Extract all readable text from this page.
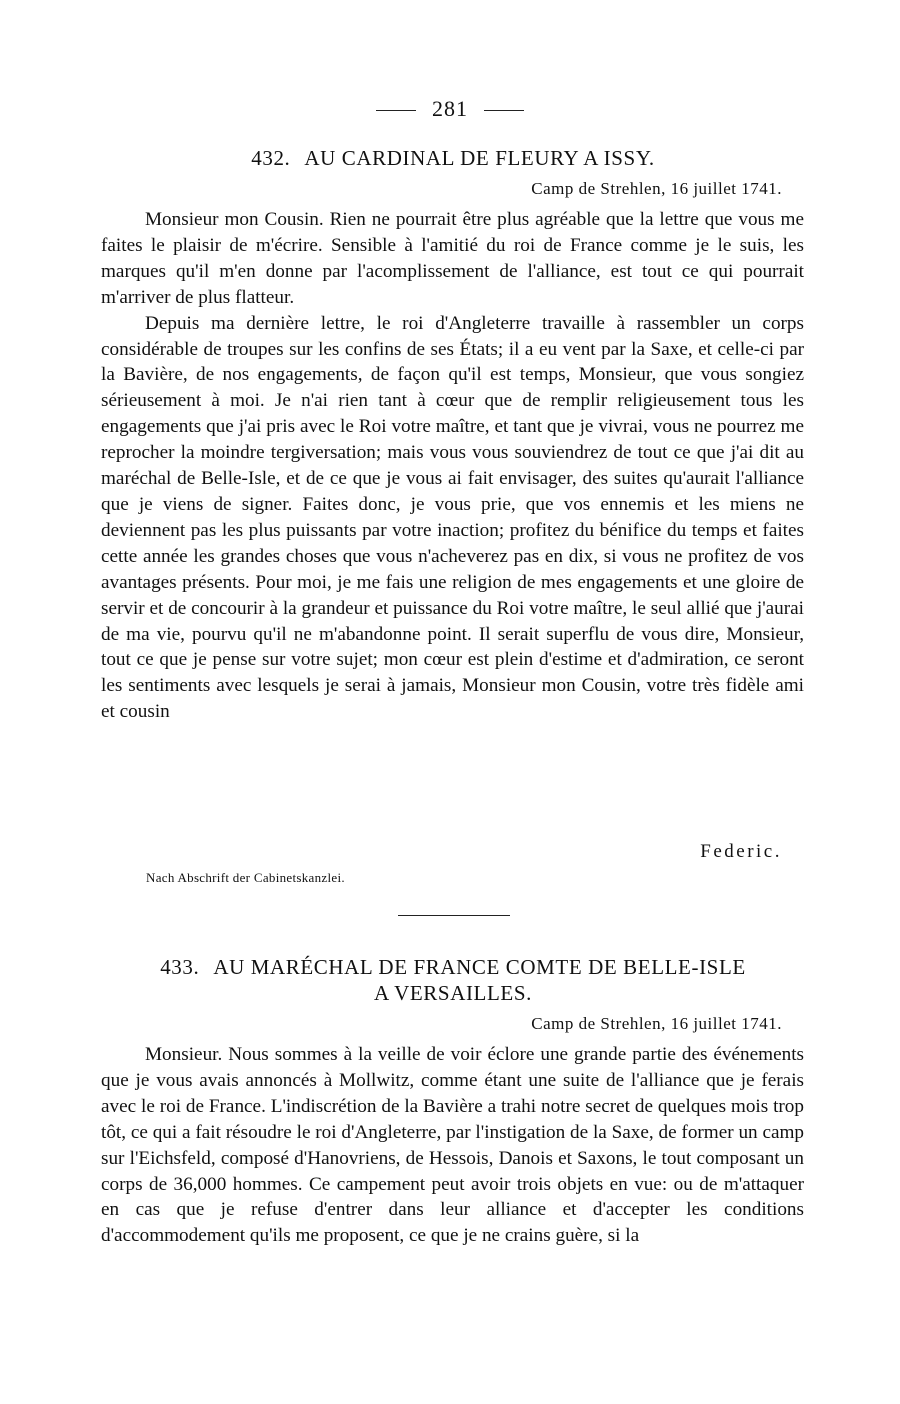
281
432. AU CARDINAL DE FLEURY A ISSY.
Camp de Strehlen, 16 juillet 1741.

Monsieur mon Cousin. Rien ne pourrait être plus agréable que la lettre que vous me faites le plaisir de m'écrire. Sensible à l'amitié du roi de France comme je le suis, les marques qu'il m'en donne par l'acomplissement de l'alliance, est tout ce qui pourrait m'arriver de plus flatteur.

Depuis ma dernière lettre, le roi d'Angleterre travaille à rassembler un corps considérable de troupes sur les confins de ses États; il a eu vent par la Saxe, et celle-ci par la Bavière, de nos engagements, de façon qu'il est temps, Monsieur, que vous songiez sérieusement à moi. Je n'ai rien tant à cœur que de remplir religieusement tous les engagements que j'ai pris avec le Roi votre maître, et tant que je vivrai, vous ne pourrez me reprocher la moindre tergiversation; mais vous vous souviendrez de tout ce que j'ai dit au maréchal de Belle-Isle, et de ce que je vous ai fait envisager, des suites qu'aurait l'alliance que je viens de signer. Faites donc, je vous prie, que vos ennemis et les miens ne deviennent pas les plus puissants par votre inaction; profitez du bénifice du temps et faites cette année les grandes choses que vous n'acheverez pas en dix, si vous ne profitez de vos avantages présents. Pour moi, je me fais une religion de mes engagements et une gloire de servir et de concourir à la grandeur et puissance du Roi votre maître, le seul allié que j'aurai de ma vie, pourvu qu'il ne m'abandonne point. Il serait superflu de vous dire, Monsieur, tout ce que je pense sur votre sujet; mon cœur est plein d'estime et d'admiration, ce seront les sentiments avec lesquels je serai à jamais, Monsieur mon Cousin, votre très fidèle ami et cousin

Federic.
Nach Abschrift der Cabinetskanzlei.
433. AU MARÉCHAL DE FRANCE COMTE DE BELLE-ISLE
A VERSAILLES.
Camp de Strehlen, 16 juillet 1741.

Monsieur. Nous sommes à la veille de voir éclore une grande partie des événements que je vous avais annoncés à Mollwitz, comme étant une suite de l'alliance que je ferais avec le roi de France. L'indiscrétion de la Bavière a trahi notre secret de quelques mois trop tôt, ce qui a fait résoudre le roi d'Angleterre, par l'instigation de la Saxe, de former un camp sur l'Eichsfeld, composé d'Hanovriens, de Hessois, Danois et Saxons, le tout composant un corps de 36,000 hommes. Ce campement peut avoir trois objets en vue: ou de m'attaquer en cas que je refuse d'entrer dans leur alliance et d'accepter les conditions d'accommodement qu'ils me proposent, ce que je ne crains guère, si la
